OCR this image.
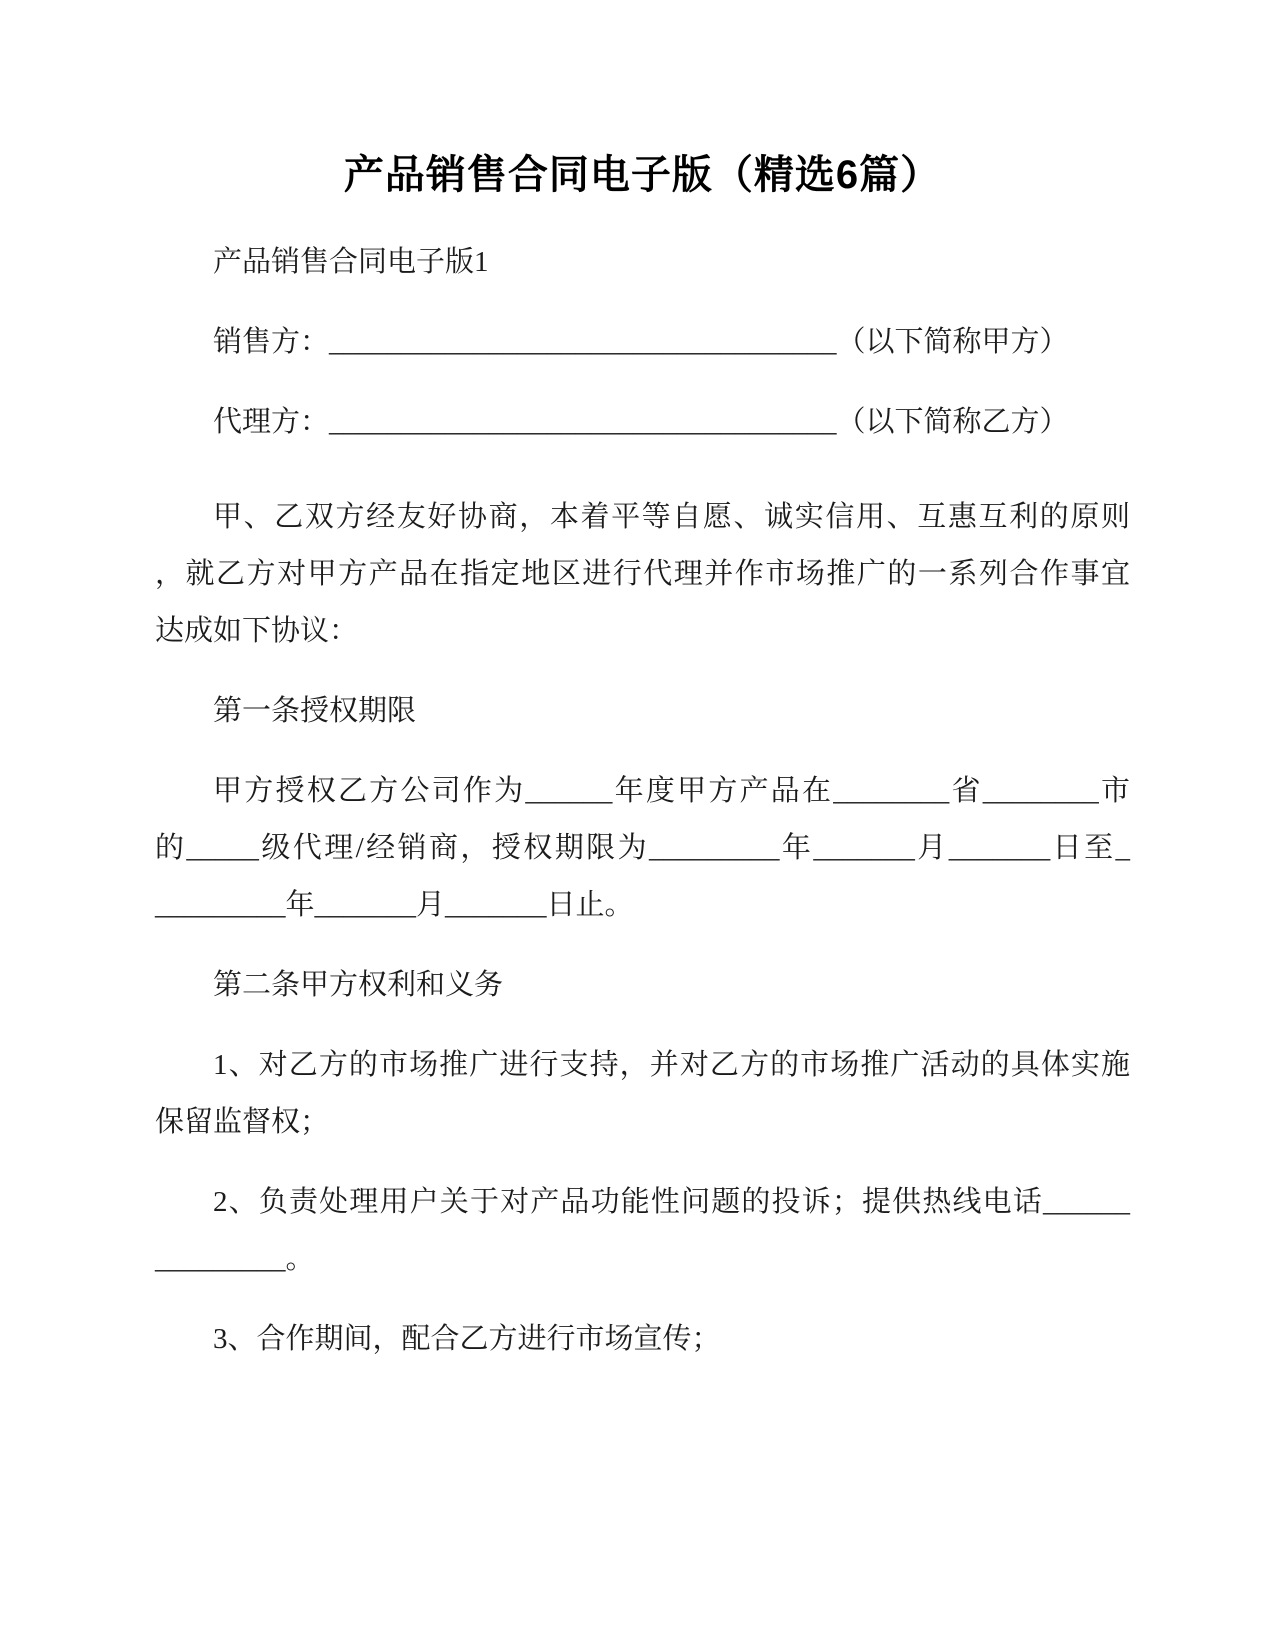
产品销售合同电子版（精选6篇）

产品销售合同电子版1

销售方：___________________________________（以下简称甲方）

代理方：___________________________________（以下简称乙方）

甲、乙双方经友好协商，本着平等自愿、诚实信用、互惠互利的原则
，就乙方对甲方产品在指定地区进行代理并作市场推广的一系列合作事宜
达成如下协议：

第一条授权期限

甲方授权乙方公司作为______年度甲方产品在________省________市
的_____级代理/经销商，授权期限为_________年_______月_______日至_
_________年_______月_______日止。

第二条甲方权利和义务

1、对乙方的市场推广进行支持，并对乙方的市场推广活动的具体实施
保留监督权；

2、负责处理用户关于对产品功能性问题的投诉；提供热线电话______
_________。

3、合作期间，配合乙方进行市场宣传；
